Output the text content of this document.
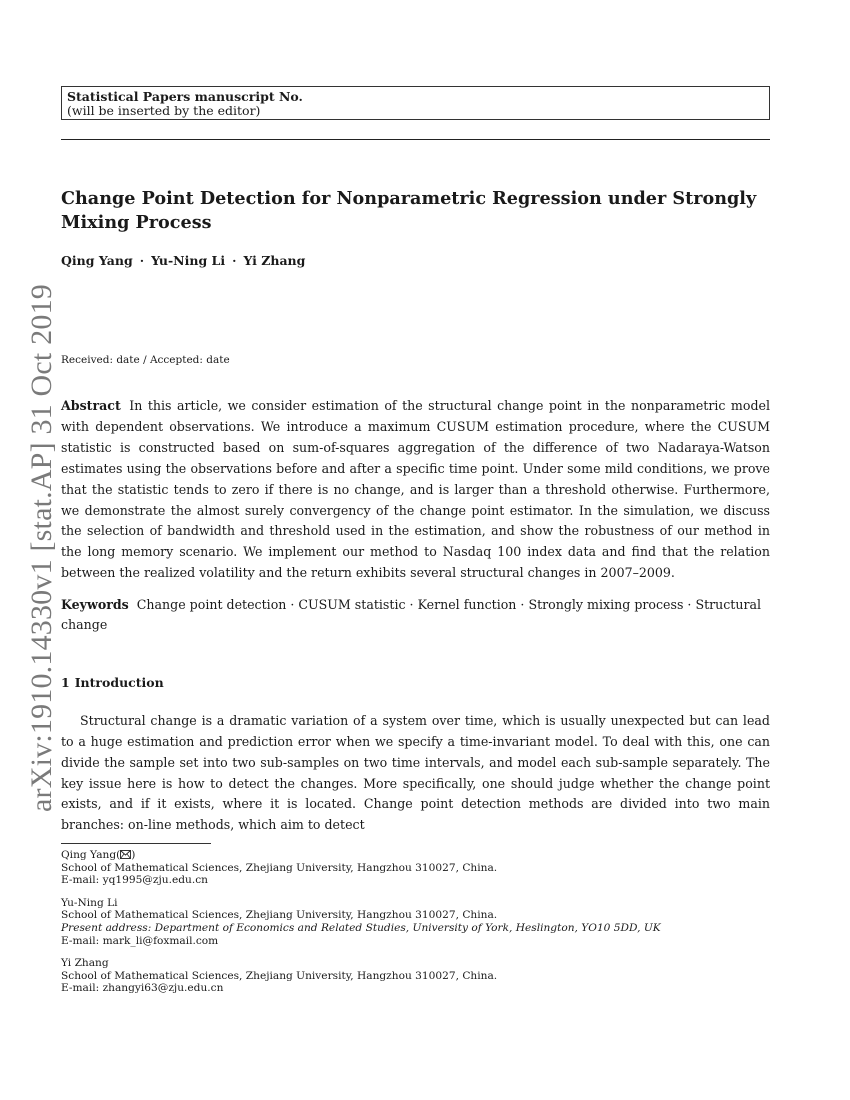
arXiv:1910.14330v1 [stat.AP] 31 Oct 2019
Statistical Papers manuscript No.
(will be inserted by the editor)
Change Point Detection for Nonparametric Regression under Strongly Mixing Process
Qing Yang · Yu-Ning Li · Yi Zhang
Received: date / Accepted: date
Abstract In this article, we consider estimation of the structural change point in the nonparametric model with dependent observations. We introduce a maximum CUSUM estimation procedure, where the CUSUM statistic is constructed based on sum-of-squares aggregation of the difference of two Nadaraya-Watson estimates using the observations before and after a specific time point. Under some mild conditions, we prove that the statistic tends to zero if there is no change, and is larger than a threshold otherwise. Furthermore, we demonstrate the almost surely convergency of the change point estimator. In the simulation, we discuss the selection of bandwidth and threshold used in the estimation, and show the robustness of our method in the long memory scenario. We implement our method to Nasdaq 100 index data and find that the relation between the realized volatility and the return exhibits several structural changes in 2007–2009.
Keywords Change point detection · CUSUM statistic · Kernel function · Strongly mixing process · Structural change
1 Introduction
Structural change is a dramatic variation of a system over time, which is usually unexpected but can lead to a huge estimation and prediction error when we specify a time-invariant model. To deal with this, one can divide the sample set into two sub-samples on two time intervals, and model each sub-sample separately. The key issue here is how to detect the changes. More specifically, one should judge whether the change point exists, and if it exists, where it is located. Change point detection methods are divided into two main branches: on-line methods, which aim to detect
Qing Yang( )
School of Mathematical Sciences, Zhejiang University, Hangzhou 310027, China.
E-mail: yq1995@zju.edu.cn
Yu-Ning Li
School of Mathematical Sciences, Zhejiang University, Hangzhou 310027, China.
Present address: Department of Economics and Related Studies, University of York, Heslington, YO10 5DD, UK
E-mail: mark_li@foxmail.com
Yi Zhang
School of Mathematical Sciences, Zhejiang University, Hangzhou 310027, China.
E-mail: zhangyi63@zju.edu.cn
